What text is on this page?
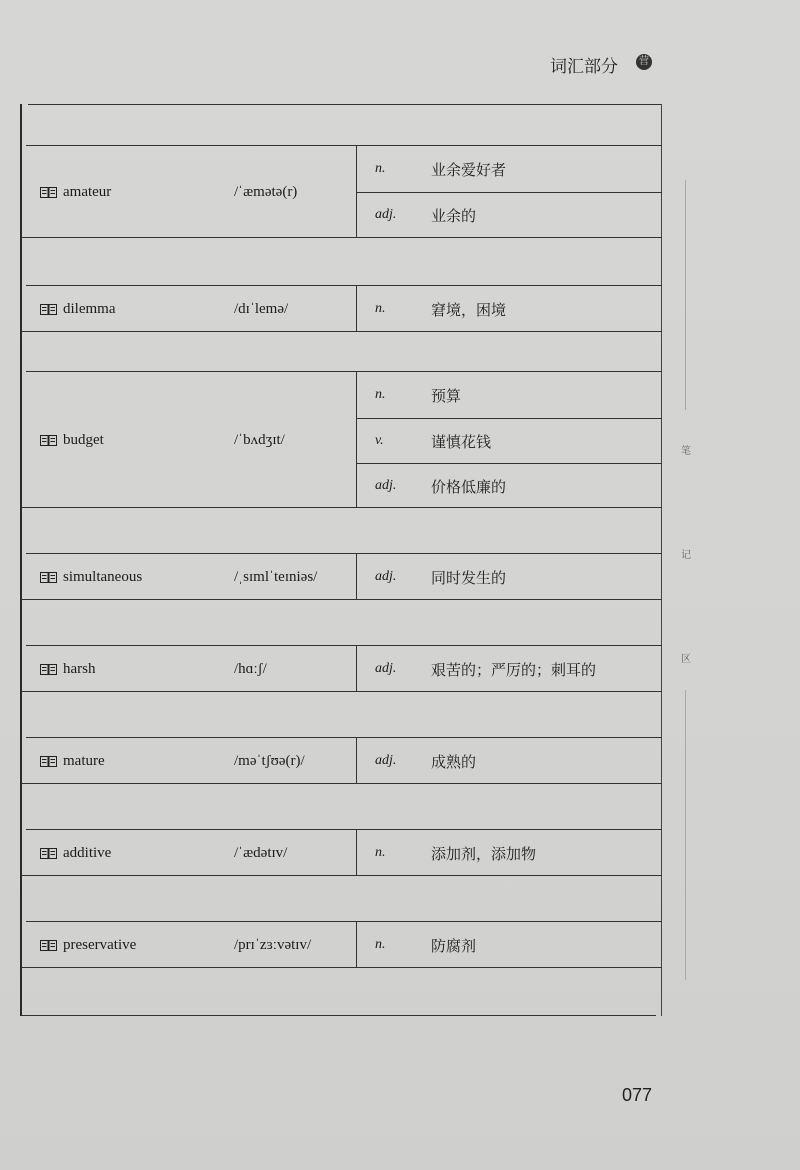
词汇部分	营
笔
记
区
amateur	/ˈæmətə(r)
n.	业余爱好者
adj.	业余的
dilemma	/dɪˈlemə/	n.	窘境，困境
budget	/ˈbʌdʒɪt/
n.	预算
v.	谨慎花钱
adj.	价格低廉的
simultaneous	/ˌsɪmlˈteɪniəs/	adj.	同时发生的
harsh	/hɑːʃ/	adj.	艰苦的；严厉的；刺耳的
mature	/məˈtʃʊə(r)/	adj.	成熟的
additive	/ˈædətɪv/	n.	添加剂，添加物
preservative	/prɪˈzɜːvətɪv/	n.	防腐剂
077
